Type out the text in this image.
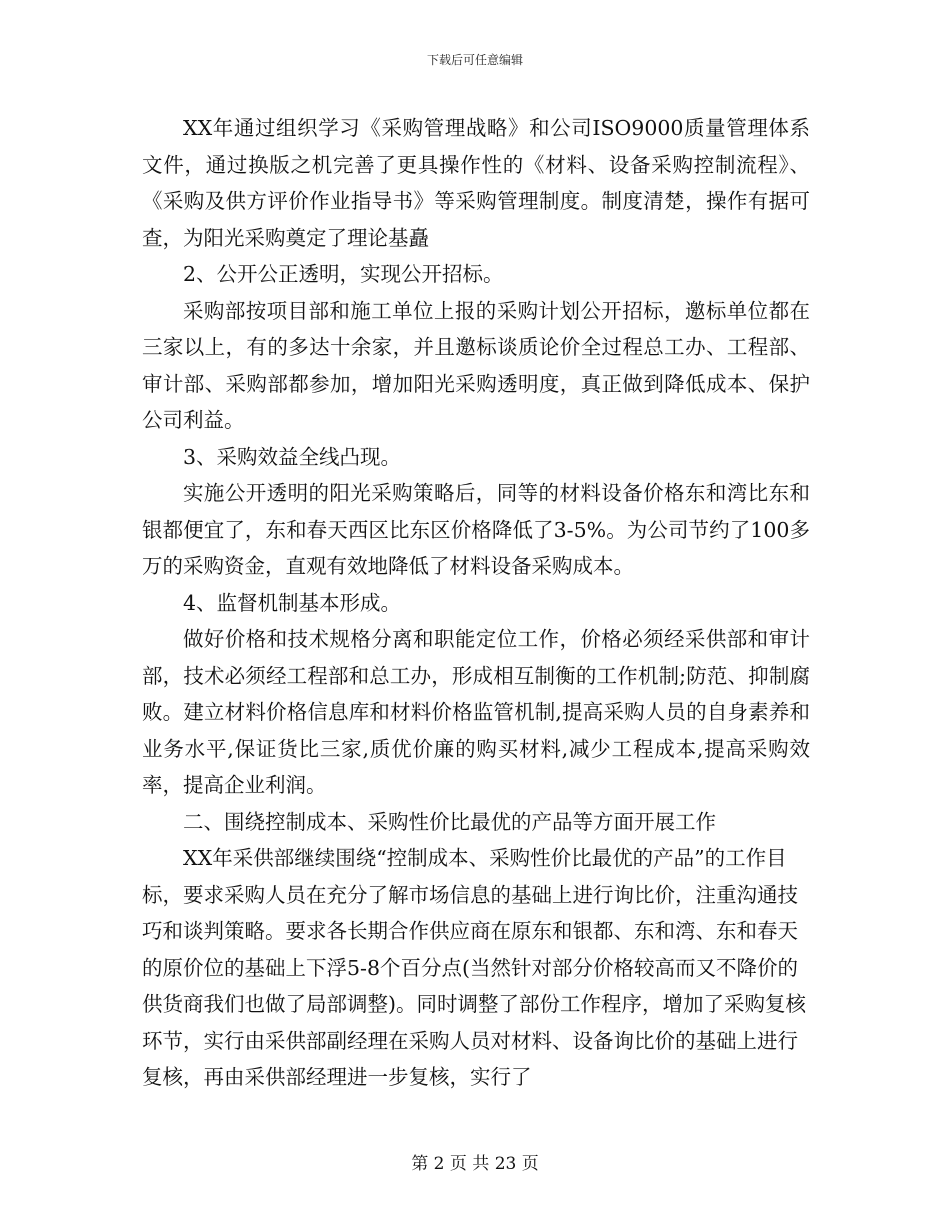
下载后可任意编辑

XX年通过组织学习《采购管理战略》和公司ISO9000质量管理体系文件，通过换版之机完善了更具操作性的《材料、设备采购控制流程》、《采购及供方评价作业指导书》等采购管理制度。制度清楚，操作有据可查，为阳光采购奠定了理论基矗

2、公开公正透明，实现公开招标。

采购部按项目部和施工单位上报的采购计划公开招标，邀标单位都在三家以上，有的多达十余家，并且邀标谈质论价全过程总工办、工程部、审计部、采购部都参加，增加阳光采购透明度，真正做到降低成本、保护公司利益。

3、采购效益全线凸现。

实施公开透明的阳光采购策略后，同等的材料设备价格东和湾比东和银都便宜了，东和春天西区比东区价格降低了3-5%。为公司节约了100多万的采购资金，直观有效地降低了材料设备采购成本。

4、监督机制基本形成。

做好价格和技术规格分离和职能定位工作，价格必须经采供部和审计部，技术必须经工程部和总工办，形成相互制衡的工作机制;防范、抑制腐败。建立材料价格信息库和材料价格监管机制,提高采购人员的自身素养和业务水平,保证货比三家,质优价廉的购买材料,减少工程成本,提高采购效率，提高企业利润。

二、围绕控制成本、采购性价比最优的产品等方面开展工作

XX年采供部继续围绕“控制成本、采购性价比最优的产品”的工作目标，要求采购人员在充分了解市场信息的基础上进行询比价，注重沟通技巧和谈判策略。要求各长期合作供应商在原东和银都、东和湾、东和春天的原价位的基础上下浮5-8个百分点(当然针对部分价格较高而又不降价的供货商我们也做了局部调整)。同时调整了部份工作程序，增加了采购复核环节，实行由采供部副经理在采购人员对材料、设备询比价的基础上进行复核，再由采供部经理进一步复核，实行了

第 2 页 共 23 页
